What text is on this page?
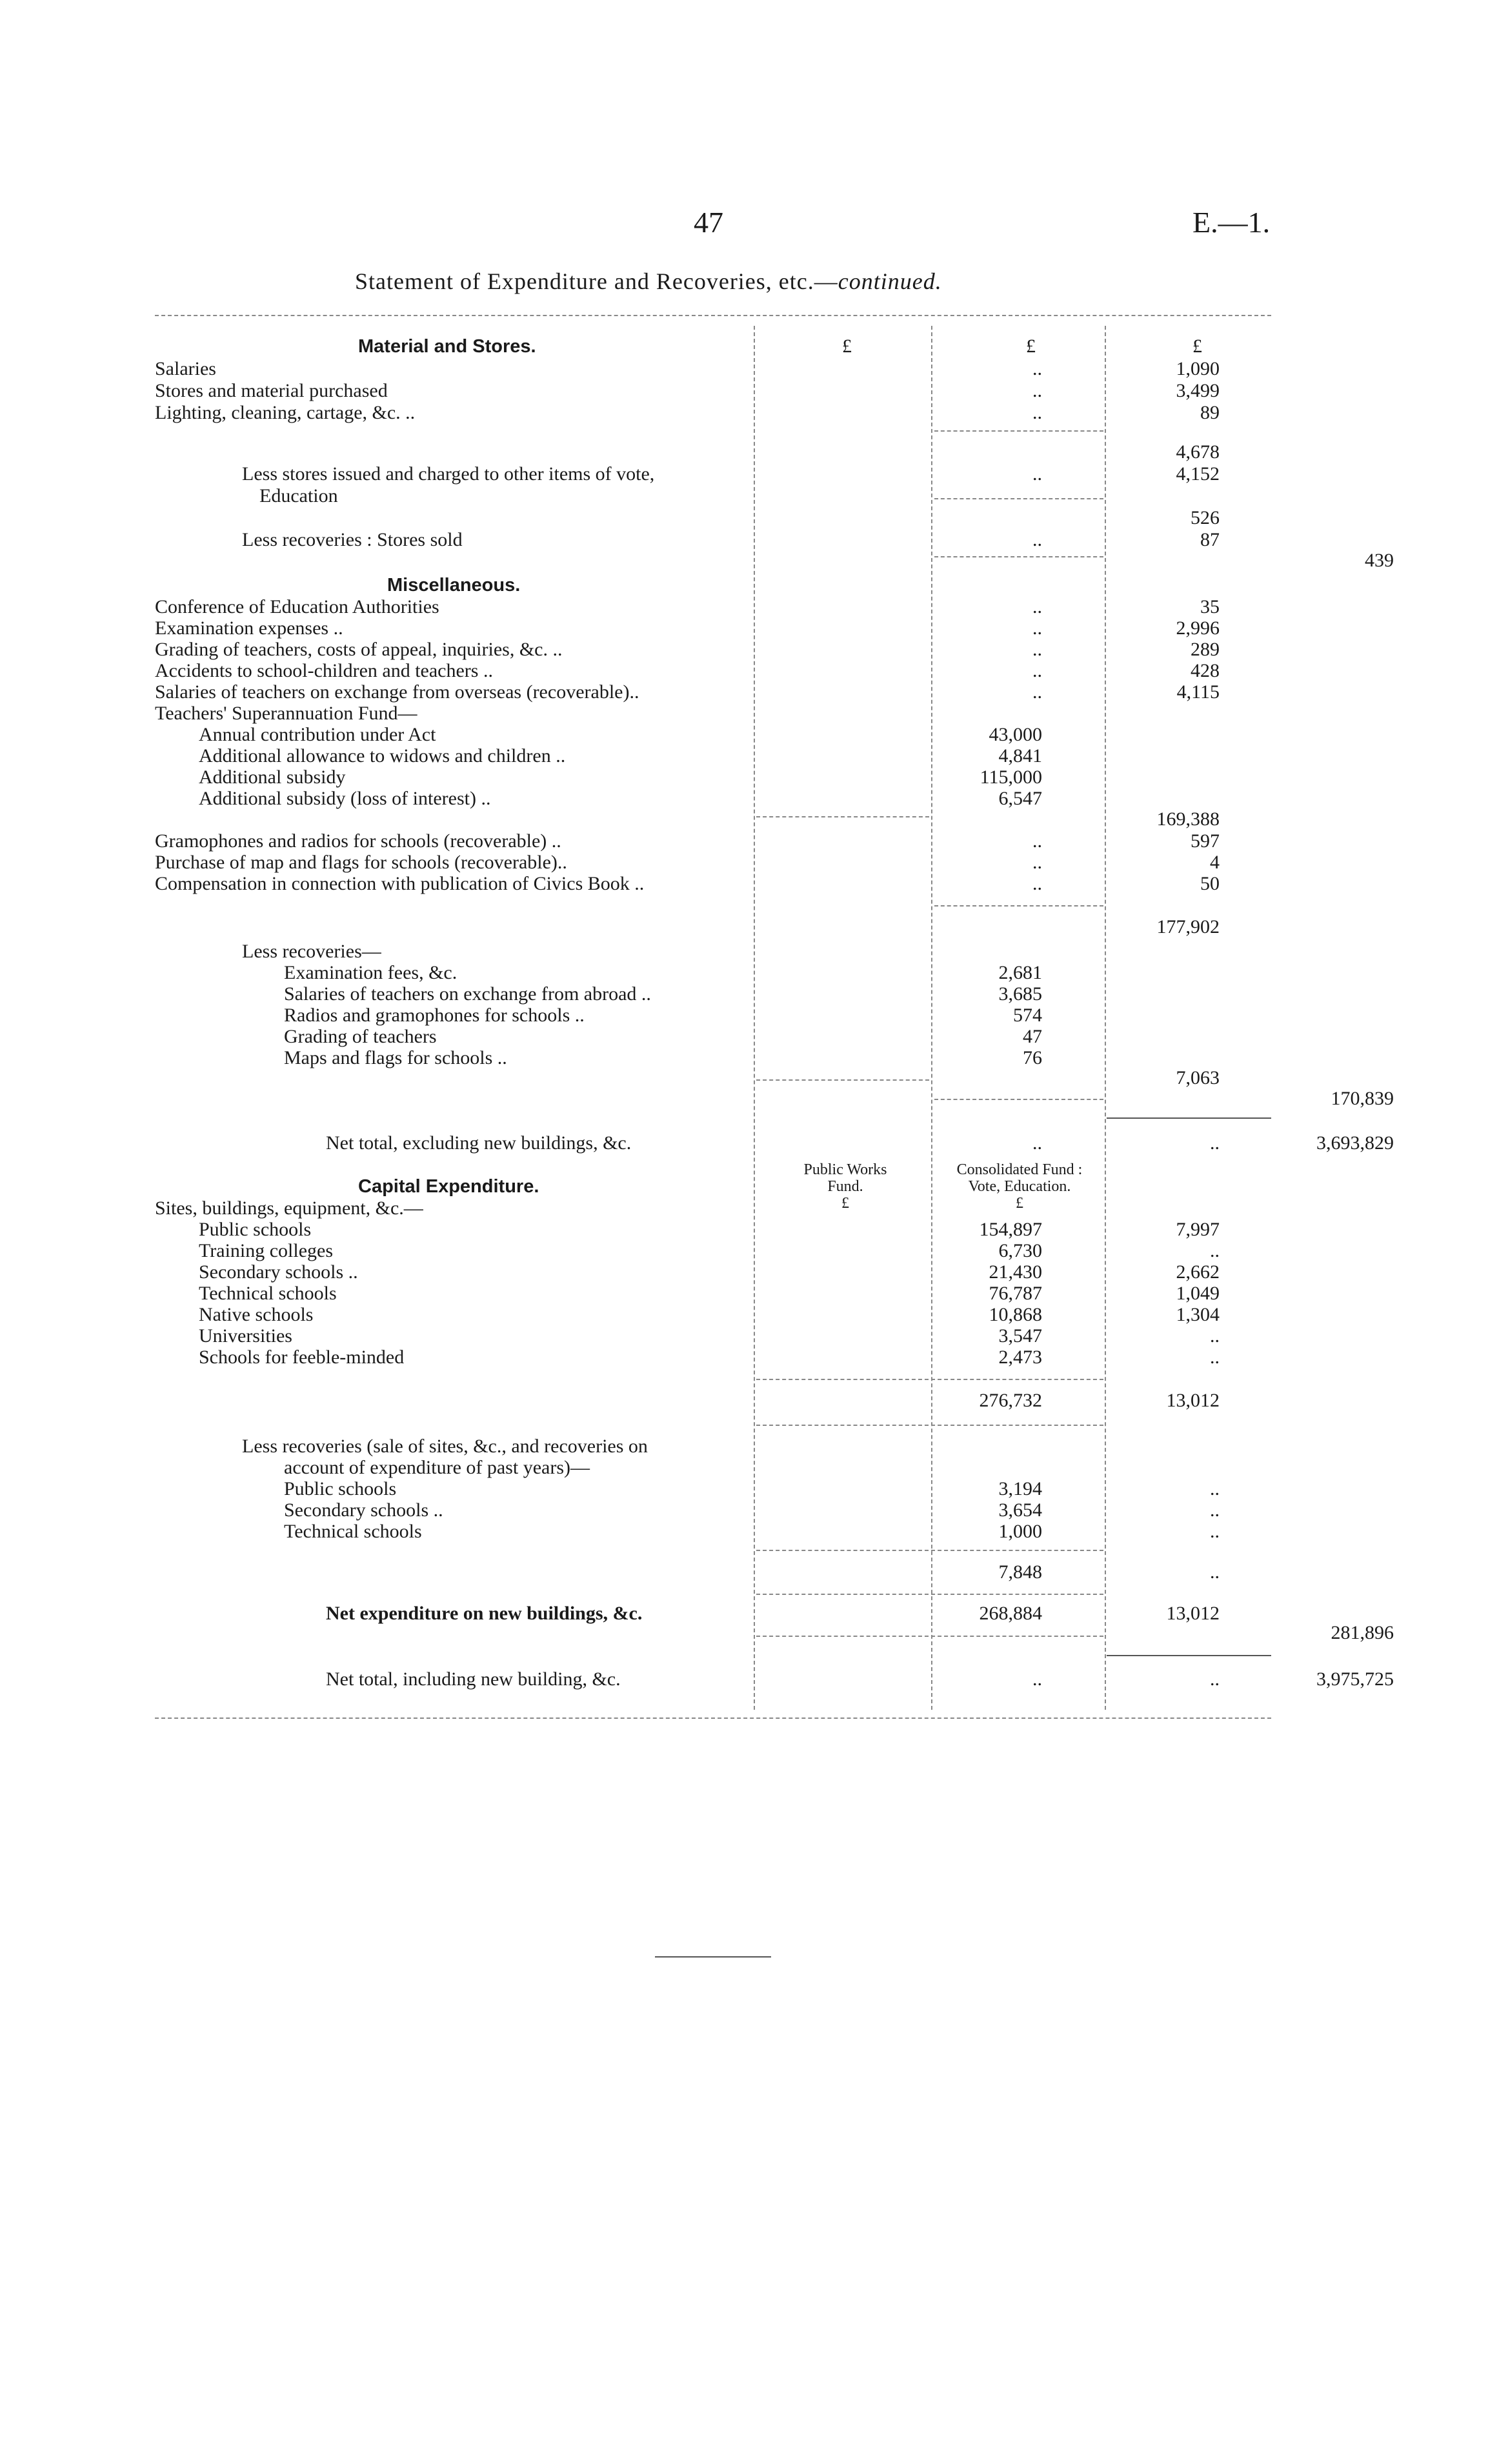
47	E.—1.
Statement of Expenditure and Recoveries, etc.—continued.
£	£	£
Material and Stores.
Salaries	..	1,090
Stores and material purchased	..	3,499
Lighting, cleaning, cartage, &c. ..	..	89
4,678
Less stores issued and charged to other items of vote,	..	4,152
Education
526
Less recoveries : Stores sold	..	87
439
Miscellaneous.
Conference of Education Authorities	..	35
Examination expenses ..	..	2,996
Grading of teachers, costs of appeal, inquiries, &c. ..	..	289
Accidents to school-children and teachers ..	..	428
Salaries of teachers on exchange from overseas (recoverable)..	..	4,115
Teachers' Superannuation Fund—
Annual contribution under Act	43,000
Additional allowance to widows and children ..	4,841
Additional subsidy	115,000
Additional subsidy (loss of interest) ..	6,547
169,388
Gramophones and radios for schools (recoverable) ..	..	597
Purchase of map and flags for schools (recoverable)..	..	4
Compensation in connection with publication of Civics Book ..	..	50
177,902
Less recoveries—
Examination fees, &c.	2,681
Salaries of teachers on exchange from abroad ..	3,685
Radios and gramophones for schools ..	574
Grading of teachers	47
Maps and flags for schools ..	76
7,063
170,839
Net total, excluding new buildings, &c.	..	..	3,693,829
Public Works
Fund.
£
Consolidated Fund :
Vote, Education.
£
Capital Expenditure.
Sites, buildings, equipment, &c.—
Public schools	154,897	7,997
Training colleges	6,730	..
Secondary schools ..	21,430	2,662
Technical schools	76,787	1,049
Native schools	10,868	1,304
Universities	3,547	..
Schools for feeble-minded	2,473	..
276,732	13,012
Less recoveries (sale of sites, &c., and recoveries on
account of expenditure of past years)—
Public schools	3,194	..
Secondary schools ..	3,654	..
Technical schools	1,000	..
7,848	..
Net expenditure on new buildings, &c.	268,884	13,012
281,896
Net total, including new building, &c.	..	..	3,975,725
